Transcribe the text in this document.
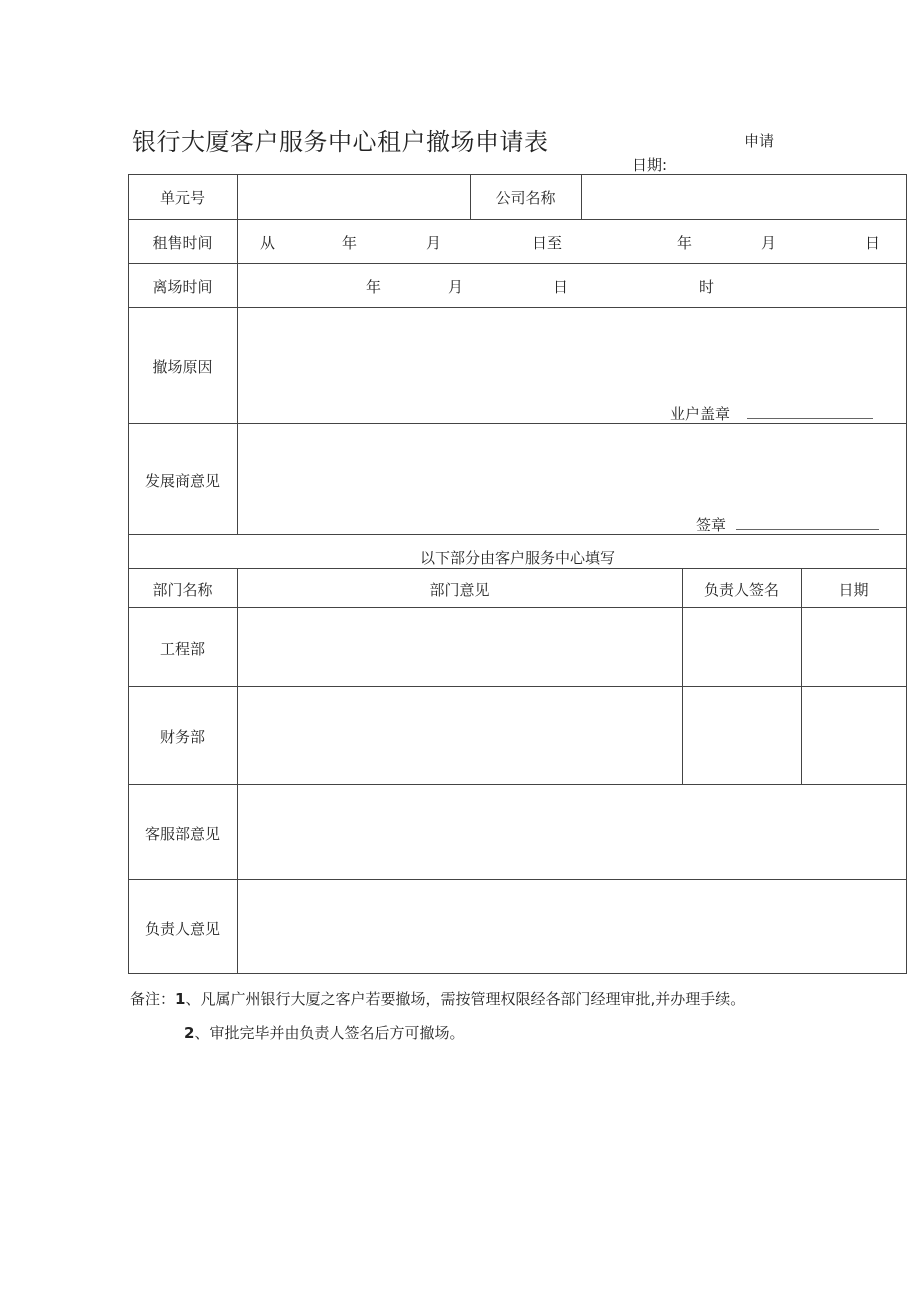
银行大厦客户服务中心租户撤场申请表	申请
日期:
单元号	公司名称
租售时间	从	年	月	日至	年	月	日
离场时间	年	月	日	时
撤场原因
业户盖章
发展商意见
签章
以下部分由客户服务中心填写
部门名称	部门意见	负责人签名	日期
工程部
财务部
客服部意见
负责人意见
备注：1、凡属广州银行大厦之客户若要撤场，需按管理权限经各部门经理审批,并办理手续。
2、审批完毕并由负责人签名后方可撤场。
